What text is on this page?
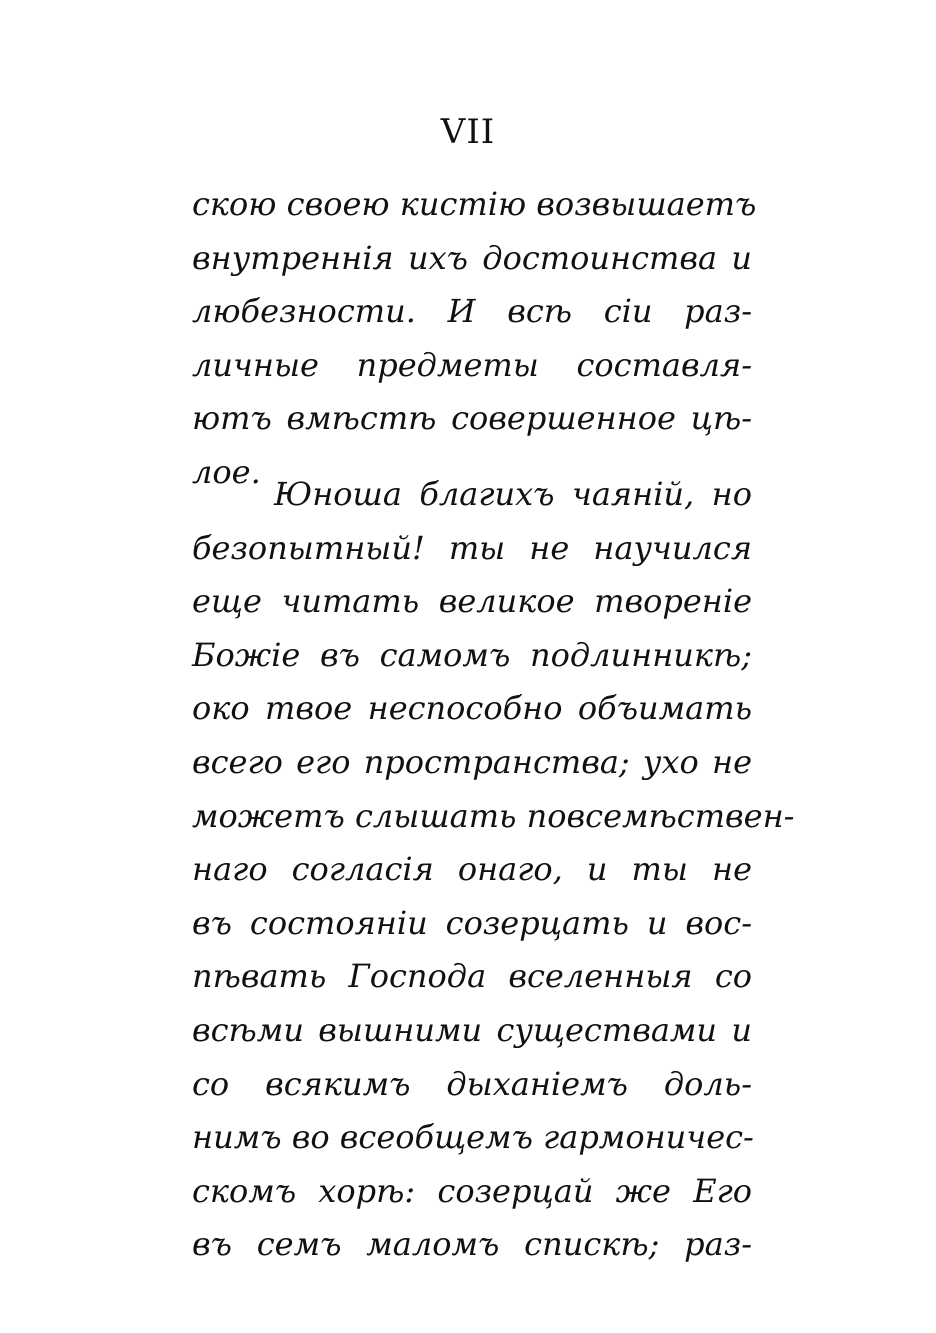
VII
скою своею кистію возвышаетъ
внутреннія ихъ достоинства и
любезности. И всѣ сіи раз-
личные предметы составля-
ютъ вмѣстѣ совершенное цѣ-
лое.
Юноша благихъ чаяній, но
безопытный! ты не научился
еще читать великое твореніе
Божіе въ самомъ подлинникѣ;
око твое неспособно объимать
всего его пространства; ухо не
можетъ слышать повсемѣствен-
наго согласія онаго, и ты не
въ состояніи созерцать и вос-
пѣвать Господа вселенныя со
всѣми вышними существами и
со всякимъ дыханіемъ доль-
нимъ во всеобщемъ гармоничес-
скомъ хорѣ: созерцай же Его
въ семъ маломъ спискѣ; раз-
